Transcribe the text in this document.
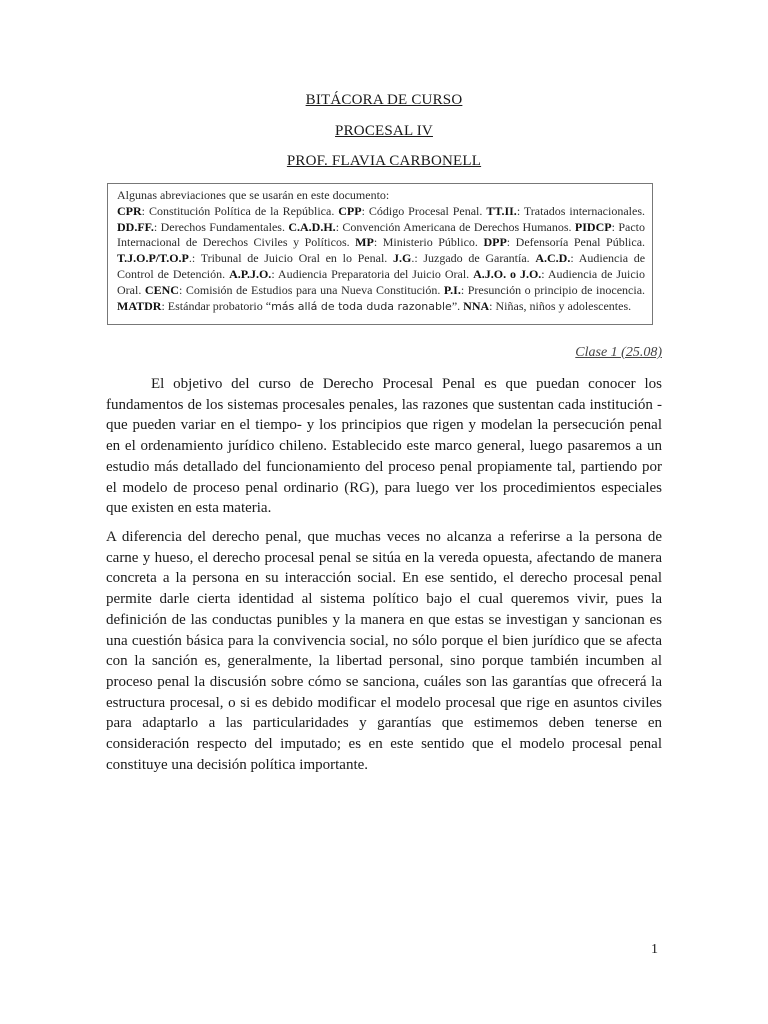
BITÁCORA DE CURSO
PROCESAL IV
PROF. FLAVIA CARBONELL
Algunas abreviaciones que se usarán en este documento:
CPR: Constitución Política de la República. CPP: Código Procesal Penal. TT.II.: Tratados internacionales. DD.FF.: Derechos Fundamentales. C.A.D.H.: Convención Americana de Derechos Humanos. PIDCP: Pacto Internacional de Derechos Civiles y Políticos. MP: Ministerio Público. DPP: Defensoría Penal Pública. T.J.O.P/T.O.P.: Tribunal de Juicio Oral en lo Penal. J.G.: Juzgado de Garantía. A.C.D.: Audiencia de Control de Detención. A.P.J.O.: Audiencia Preparatoria del Juicio Oral. A.J.O. o J.O.: Audiencia de Juicio Oral. CENC: Comisión de Estudios para una Nueva Constitución. P.I.: Presunción o principio de inocencia. MATDR: Estándar probatorio “más allá de toda duda razonable”. NNA: Niñas, niños y adolescentes.
Clase 1 (25.08)

El objetivo del curso de Derecho Procesal Penal es que puedan conocer los fundamentos de los sistemas procesales penales, las razones que sustentan cada institución - que pueden variar en el tiempo- y los principios que rigen y modelan la persecución penal en el ordenamiento jurídico chileno. Establecido este marco general, luego pasaremos a un estudio más detallado del funcionamiento del proceso penal propiamente tal, partiendo por el modelo de proceso penal ordinario (RG), para luego ver los procedimientos especiales que existen en esta materia.

A diferencia del derecho penal, que muchas veces no alcanza a referirse a la persona de carne y hueso, el derecho procesal penal se sitúa en la vereda opuesta, afectando de manera concreta a la persona en su interacción social. En ese sentido, el derecho procesal penal permite darle cierta identidad al sistema político bajo el cual queremos vivir, pues la definición de las conductas punibles y la manera en que estas se investigan y sancionan es una cuestión básica para la convivencia social, no sólo porque el bien jurídico que se afecta con la sanción es, generalmente, la libertad personal, sino porque también incumben al proceso penal la discusión sobre cómo se sanciona, cuáles son las garantías que ofrecerá la estructura procesal, o si es debido modificar el modelo procesal que rige en asuntos civiles para adaptarlo a las particularidades y garantías que estimemos deben tenerse en consideración respecto del imputado; es en este sentido que el modelo procesal penal constituye una decisión política importante.

1
